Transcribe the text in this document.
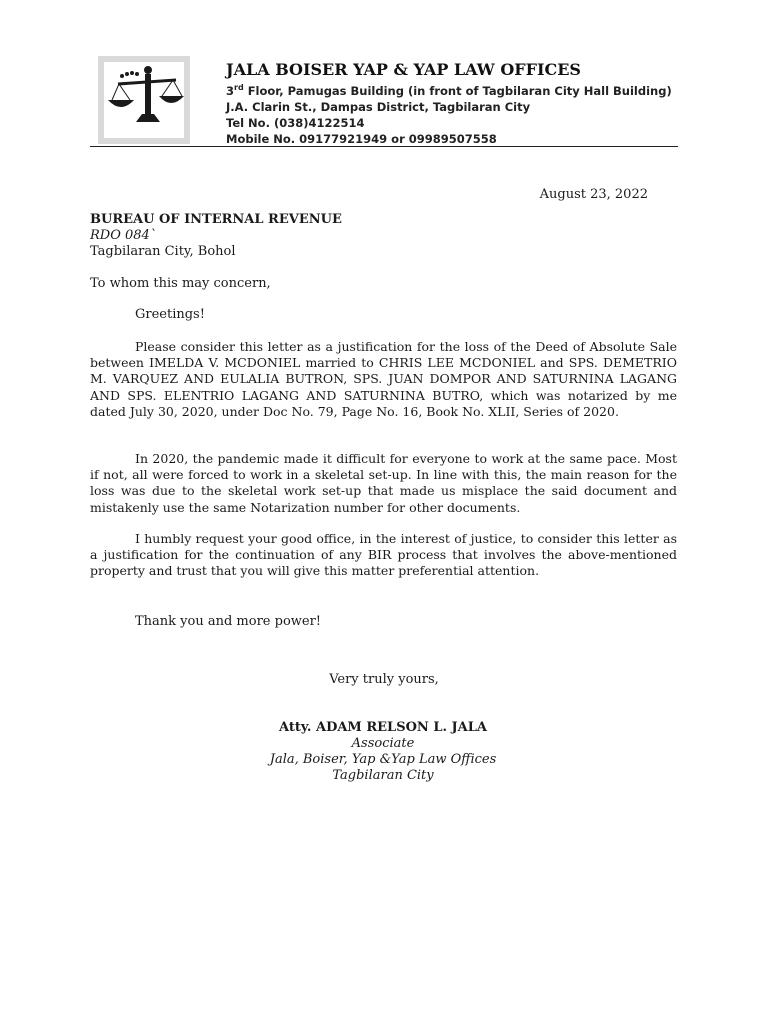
JALA BOISER YAP & YAP LAW OFFICES

3rd Floor, Pamugas Building (in front of Tagbilaran City Hall Building)
J.A. Clarin St., Dampas District, Tagbilaran City
Tel No. (038)4122514
Mobile No. 09177921949 or 09989507558
August 23, 2022
BUREAU OF INTERNAL REVENUE
RDO 084`
Tagbilaran City, Bohol
To whom this may concern,
Greetings!

Please consider this letter as a justification for the loss of the Deed of Absolute Sale between IMELDA V. MCDONIEL married to CHRIS LEE MCDONIEL and SPS. DEMETRIO M. VARQUEZ AND EULALIA BUTRON, SPS. JUAN DOMPOR AND SATURNINA LAGANG AND SPS. ELENTRIO LAGANG AND SATURNINA BUTRO, which was notarized by me dated July 30, 2020, under Doc No. 79, Page No. 16, Book No. XLII, Series of 2020.

In 2020, the pandemic made it difficult for everyone to work at the same pace. Most if not, all were forced to work in a skeletal set-up. In line with this, the main reason for the loss was due to the skeletal work set-up that made us misplace the said document and mistakenly use the same Notarization number for other documents.

I humbly request your good office, in the interest of justice, to consider this letter as a justification for the continuation of any BIR process that involves the above-mentioned property and trust that you will give this matter preferential attention.

Thank you and more power!
Very truly yours,
Atty. ADAM RELSON L. JALA
Associate
Jala, Boiser, Yap &Yap Law Offices
Tagbilaran City
